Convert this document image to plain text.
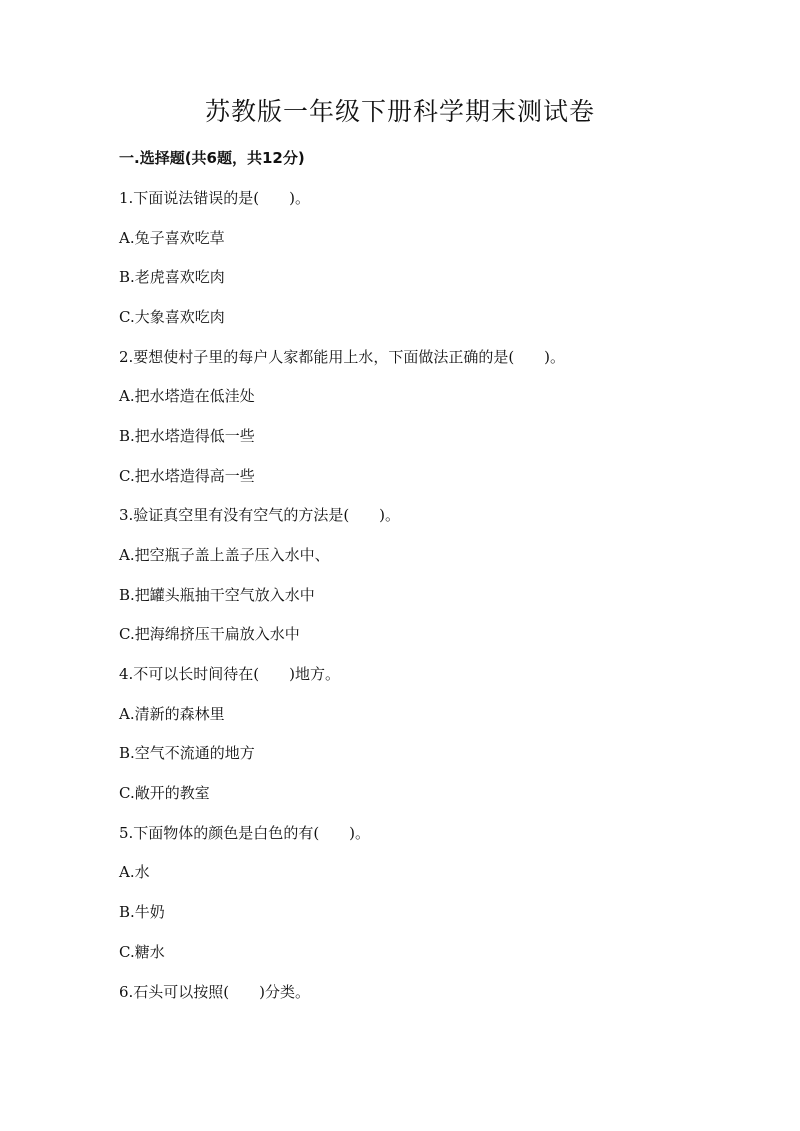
苏教版一年级下册科学期末测试卷
一.选择题(共6题，共12分)
1.下面说法错误的是(　　)。
A.兔子喜欢吃草
B.老虎喜欢吃肉
C.大象喜欢吃肉
2.要想使村子里的每户人家都能用上水，下面做法正确的是(　　)。
A.把水塔造在低洼处
B.把水塔造得低一些
C.把水塔造得高一些
3.验证真空里有没有空气的方法是(　　)。
A.把空瓶子盖上盖子压入水中、
B.把罐头瓶抽干空气放入水中
C.把海绵挤压干扁放入水中
4.不可以长时间待在(　　)地方。
A.清新的森林里
B.空气不流通的地方
C.敞开的教室
5.下面物体的颜色是白色的有(　　)。
A.水
B.牛奶
C.糖水
6.石头可以按照(　　)分类。
